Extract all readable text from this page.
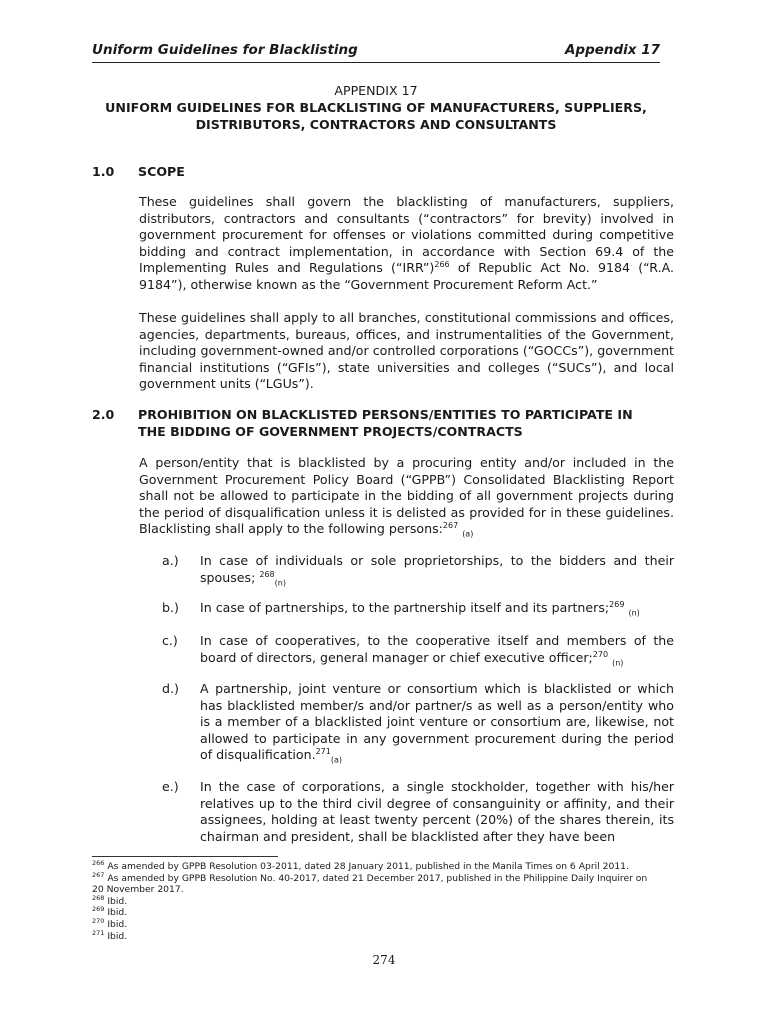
Uniform Guidelines for Blacklisting	Appendix 17
APPENDIX 17
UNIFORM GUIDELINES FOR BLACKLISTING OF MANUFACTURERS, SUPPLIERS,
DISTRIBUTORS, CONTRACTORS AND CONSULTANTS
1.0	SCOPE
These guidelines shall govern the blacklisting of manufacturers, suppliers, distributors, contractors and consultants (“contractors” for brevity) involved in government procurement for offenses or violations committed during competitive bidding and contract implementation, in accordance with Section 69.4 of the Implementing Rules and Regulations (“IRR”)$^{266}$ of Republic Act No. 9184 (“R.A. 9184”), otherwise known as the “Government Procurement Reform Act.”
These guidelines shall apply to all branches, constitutional commissions and offices, agencies, departments, bureaus, offices, and instrumentalities of the Government, including government-owned and/or controlled corporations (“GOCCs”), government financial institutions (“GFIs”), state universities and colleges (“SUCs”), and local government units (“LGUs”).
2.0	PROHIBITION ON BLACKLISTED PERSONS/ENTITIES TO PARTICIPATE IN THE BIDDING OF GOVERNMENT PROJECTS/CONTRACTS
A person/entity that is blacklisted by a procuring entity and/or included in the Government Procurement Policy Board (“GPPB”) Consolidated Blacklisting Report shall not be allowed to participate in the bidding of all government projects during the period of disqualification unless it is delisted as provided for in these guidelines. Blacklisting shall apply to the following persons:$^{267}$ $_{(a)}$
a.)	In case of individuals or sole proprietorships, to the bidders and their spouses; $^{268}_{(n)}$
b.)	In case of partnerships, to the partnership itself and its partners;$^{269}$ $_{(n)}$
c.)	In case of cooperatives, to the cooperative itself and members of the board of directors, general manager or chief executive officer;$^{270}$ $_{(n)}$
d.)	A partnership, joint venture or consortium which is blacklisted or which has blacklisted member/s and/or partner/s as well as a person/entity who is a member of a blacklisted joint venture or consortium are, likewise, not allowed to participate in any government procurement during the period of disqualification.$^{271}_{(a)}$
e.)	In the case of corporations, a single stockholder, together with his/her relatives up to the third civil degree of consanguinity or affinity, and their assignees, holding at least twenty percent (20%) of the shares therein, its chairman and president, shall be blacklisted after they have been

$^{266}$ As amended by GPPB Resolution 03-2011, dated 28 January 2011, published in the Manila Times on 6 April 2011.

$^{267}$ As amended by GPPB Resolution No. 40-2017, dated 21 December 2017, published in the Philippine Daily Inquirer on 20 November 2017.

$^{268}$ Ibid.

$^{269}$ Ibid.

$^{270}$ Ibid.

$^{271}$ Ibid.

274
